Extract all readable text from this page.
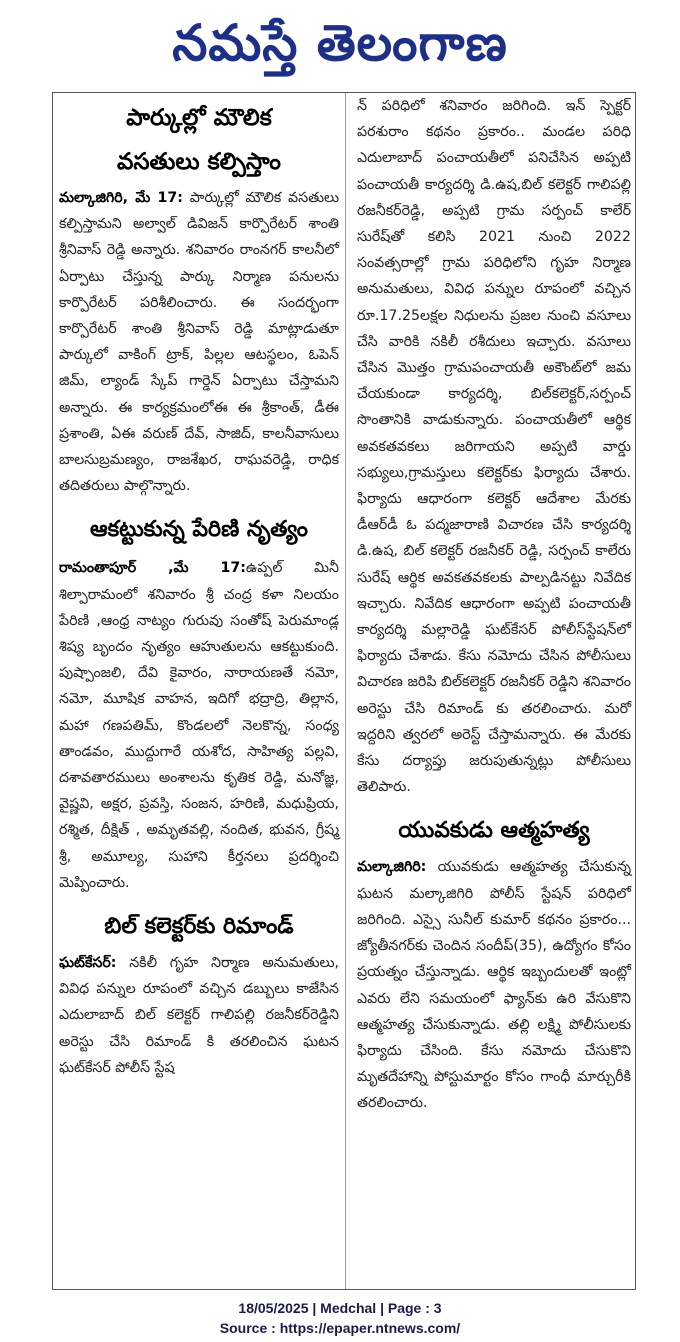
నమస్తే తెలంగాణ
పార్కుల్లో మౌలిక
వసతులు కల్పిస్తాం

మల్కాజిగిరి, మే 17: పార్కుల్లో మౌలిక వసతులు కల్పిస్తామని అల్వాల్ డివిజన్ కార్పొరేటర్ శాంతి శ్రీనివాస్ రెడ్డి అన్నారు. శనివారం రాంనగర్ కాలనీలో ఏర్పాటు చేస్తున్న పార్కు నిర్మాణ పనులను కార్పొరేటర్ పరిశీలించారు. ఈ సందర్భంగా కార్పొరేటర్ శాంతి శ్రీనివాస్ రెడ్డి మాట్లాడుతూ పార్కులో వాకింగ్ ట్రాక్, పిల్లల ఆటస్థలం, ఓపెన్ జిమ్, ల్యాండ్ స్కేప్ గార్డెన్ ఏర్పాటు చేస్తామని అన్నారు. ఈ కార్యక్రమంలోఈ ఈ శ్రీకాంత్, డీఈ ప్రశాంతి, ఏఈ వరుణ్ దేవ్, సాజిద్, కాలనీవాసులు బాలసుబ్రమణ్యం, రాజశేఖర, రాఘవరెడ్డి, రాధిక తదితరులు పాల్గొన్నారు.

ఆకట్టుకున్న పేరిణి నృత్యం

రామంతాపూర్ ,మే 17:ఉప్పల్ మినీ శిల్పారామంలో శనివారం శ్రీ చంద్ర కళా నిలయం పేరిణి ,ఆంధ్ర నాట్యం గురువు సంతోష్ పెరుమాండ్ల శిష్య బృందం నృత్యం ఆహుతులను ఆకట్టుకుంది. పుష్పాంజలి, దేవి కైవారం, నారాయణతే నమో, నమో, మూషిక వాహన, ఇదిగో భద్రాద్రి, తిల్లాన, మహా గణపతిమ్, కొండలలో నెలకొన్న, సంధ్య తాండవం, ముద్దుగారే యశోద, సాహిత్య పల్లవి, దశావతారములు అంశాలను కృతిక రెడ్డి, మనోజ్ఞ, వైష్ణవి, అక్షర, ప్రవస్తి, సంజన, హరిణి, మధుప్రియ, రశ్మిత, దీక్షిత్ , అమృతవల్లి, నందిత, భువన, గ్రీష్మ శ్రీ, అమూల్య, సుహాని కీర్తనలు ప్రదర్శించి మెప్పించారు.

బిల్ కలెక్టర్‌కు రిమాండ్

ఘట్‌కేసర్: నకిలీ గృహ నిర్మాణ అనుమతులు, వివిధ పన్నుల రూపంలో వచ్చిన డబ్బులు కాజేసిన ఎదులాబాద్ బిల్ కలెక్టర్ గాలిపల్లి రజనీకర్‌రెడ్డిని అరెస్టు చేసి రిమాండ్ కి తరలించిన ఘటన ఘట్‌కేసర్ పోలీస్ స్టేష

న్ పరిధిలో శనివారం జరిగింది. ఇన్ స్పెక్టర్ పరశురాం కథనం ప్రకారం.. మండల పరిధి ఎదులాబాద్ పంచాయతీలో పనిచేసిన అప్పటి పంచాయతీ కార్యదర్శి డి.ఉష,బిల్ కలెక్టర్ గాలిపల్లి రజనీకర్‌రెడ్డి, అప్పటి గ్రామ సర్పంచ్ కాలేర్ సురేష్‌తో కలిసి 2021 నుంచి 2022 సంవత్సరాల్లో గ్రామ పరిధిలోని గృహ నిర్మాణ అనుమతులు, వివిధ పన్నుల రూపంలో వచ్చిన రూ.17.25లక్షల నిధులను ప్రజల నుంచి వసూలు చేసి వారికి నకిలీ రశీదులు ఇచ్చారు. వసూలు చేసిన మొత్తం గ్రామపంచాయతీ అకౌంట్‌లో జమ చేయకుండా కార్యదర్శి, బిల్‌కలెక్టర్,సర్పంచ్ సొంతానికి వాడుకున్నారు. పంచాయతీలో ఆర్థిక అవకతవకలు జరిగాయని అప్పటి వార్డు సభ్యులు,గ్రామస్తులు కలెక్టర్‌కు ఫిర్యాదు చేశారు. ఫిర్యాదు ఆధారంగా కలెక్టర్ ఆదేశాల మేరకు డీఆర్‌డీ ఓ పద్మజారాణి విచారణ చేసి కార్యదర్శి డి.ఉష, బిల్ కలెక్టర్ రజనీకర్ రెడ్డి, సర్పంచ్ కాలేరు సురేష్ ఆర్థిక అవకతవకలకు పాల్పడినట్టు నివేదిక ఇచ్చారు. నివేదిక ఆధారంగా అప్పటి పంచాయతీ కార్యదర్శి మల్లారెడ్డి ఘట్‌కేసర్ పోలీస్‌స్టేషన్‌లో ఫిర్యాదు చేశాడు. కేసు నమోదు చేసిన పోలీసులు విచారణ జరిపి బిల్‌కలెక్టర్ రజనీకర్ రెడ్డిని శనివారం అరెస్టు చేసి రిమాండ్ కు తరలించారు. మరో ఇద్దరిని త్వరలో అరెస్ట్ చేస్తామన్నారు. ఈ మేరకు కేసు దర్యాప్తు జరుపుతున్నట్లు పోలీసులు తెలిపారు.

యువకుడు ఆత్మహత్య

మల్కాజిగిరి: యువకుడు ఆత్మహత్య చేసుకున్న ఘటన మల్కాజిగిరి పోలీస్ స్టేషన్ పరిధిలో జరిగింది. ఎస్సై సునీల్ కుమార్ కథనం ప్రకారం... జ్యోతీనగర్‌కు చెందిన సందీప్(35), ఉద్యోగం కోసం ప్రయత్నం చేస్తున్నాడు. ఆర్థిక ఇబ్బందులతో ఇంట్లో ఎవరు లేని సమయంలో ఫ్యాన్‌కు ఉరి వేసుకొని ఆత్మహత్య చేసుకున్నాడు. తల్లి లక్ష్మి పోలీసులకు ఫిర్యాదు చేసింది. కేసు నమోదు చేసుకొని మృతదేహాన్ని పోస్టుమార్టం కోసం గాంధీ మార్చురీకి తరలించారు.

18/05/2025 | Medchal | Page : 3
Source : https://epaper.ntnews.com/
